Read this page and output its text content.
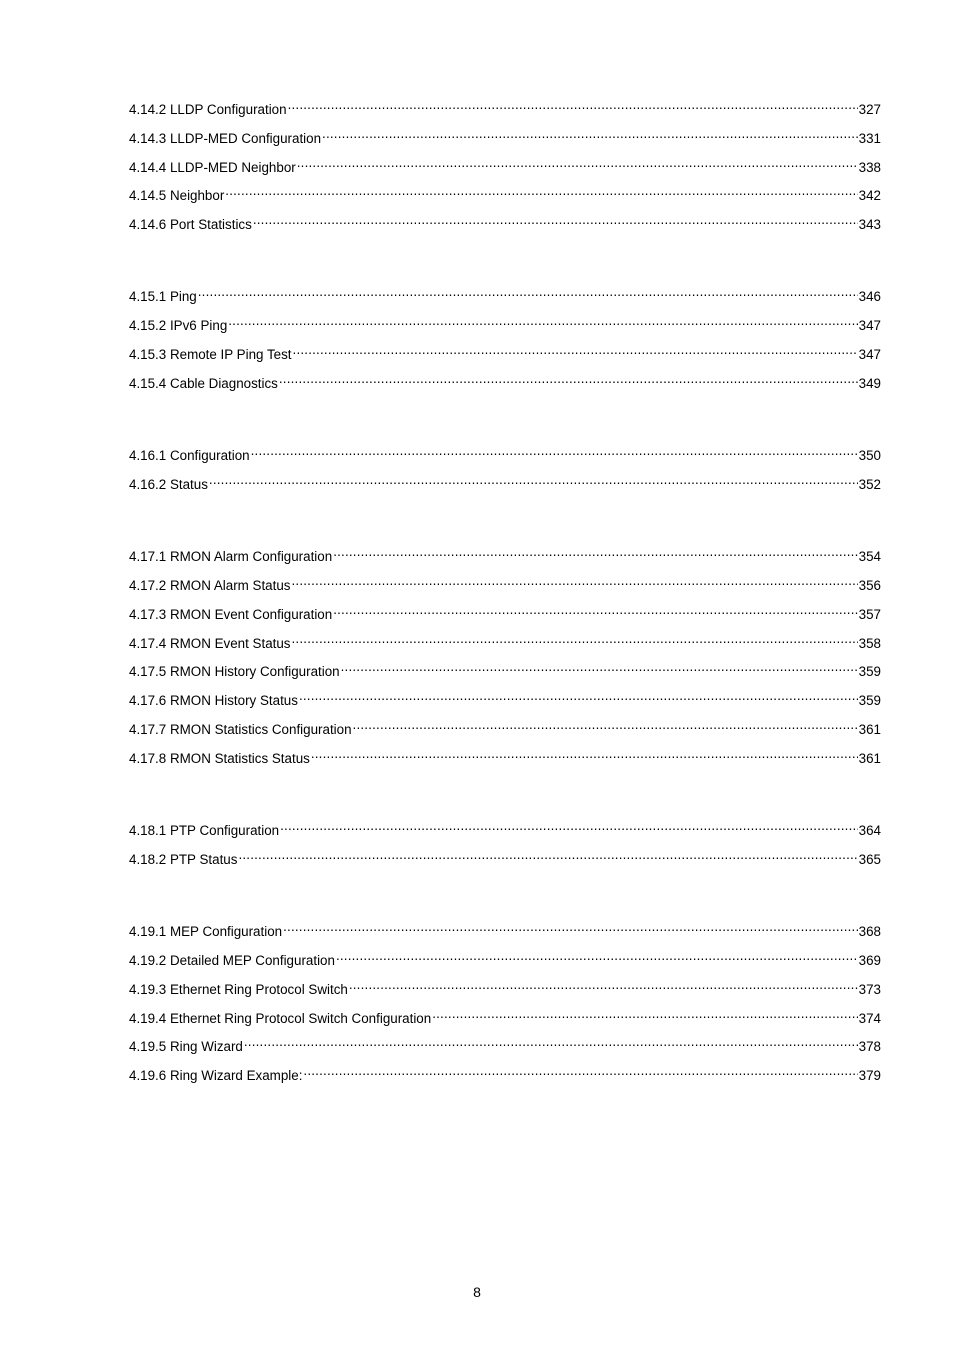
4.14.2 LLDP Configuration .....	327
4.14.3 LLDP-MED Configuration .....	331
4.14.4 LLDP-MED Neighbor .....	338
4.14.5 Neighbor .....	342
4.14.6 Port Statistics .....	343
4.15.1 Ping .....	346
4.15.2 IPv6 Ping .....	347
4.15.3 Remote IP Ping Test .....	347
4.15.4 Cable Diagnostics .....	349
4.16.1 Configuration .....	350
4.16.2 Status .....	352
4.17.1 RMON Alarm Configuration .....	354
4.17.2 RMON Alarm Status .....	356
4.17.3 RMON Event Configuration .....	357
4.17.4 RMON Event Status .....	358
4.17.5 RMON History Configuration .....	359
4.17.6 RMON History Status .....	359
4.17.7 RMON Statistics Configuration .....	361
4.17.8 RMON Statistics Status .....	361
4.18.1 PTP Configuration .....	364
4.18.2 PTP Status .....	365
4.19.1 MEP Configuration .....	368
4.19.2 Detailed MEP Configuration .....	369
4.19.3 Ethernet Ring Protocol Switch .....	373
4.19.4 Ethernet Ring Protocol Switch Configuration .....	374
4.19.5 Ring Wizard .....	378
4.19.6 Ring Wizard Example: .....	379
8
